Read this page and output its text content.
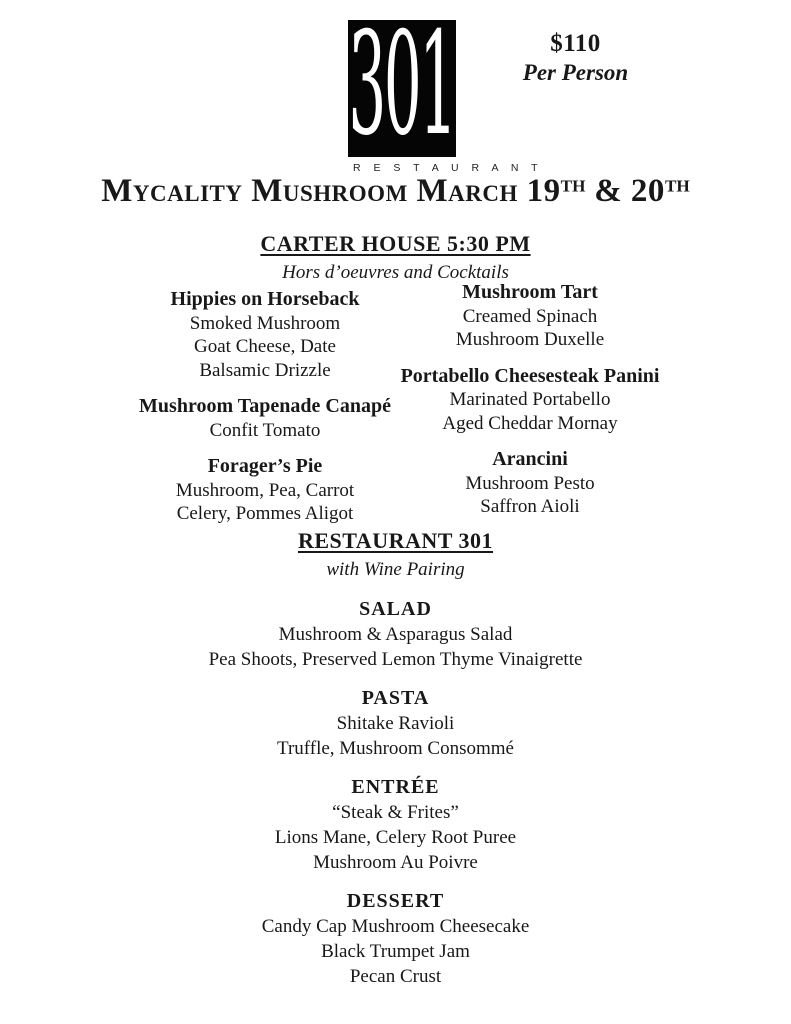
301
R E S T A U R A N T
$110
Per Person
Mycality Mushroom March 19TH & 20TH
CARTER HOUSE 5:30 PM
Hors d’oeuvres and Cocktails
Hippies on Horseback
Smoked Mushroom
Goat Cheese, Date
Balsamic Drizzle
Mushroom Tapenade Canapé
Confit Tomato
Forager’s Pie
Mushroom, Pea, Carrot
Celery, Pommes Aligot
Mushroom Tart
Creamed Spinach
Mushroom Duxelle
Portabello Cheesesteak Panini
Marinated Portabello
Aged Cheddar Mornay
Arancini
Mushroom Pesto
Saffron Aioli
RESTAURANT 301
with Wine Pairing
SALAD
Mushroom & Asparagus Salad
Pea Shoots, Preserved Lemon Thyme Vinaigrette
PASTA
Shitake Ravioli
Truffle, Mushroom Consommé
ENTRÉE
“Steak & Frites”
Lions Mane, Celery Root Puree
Mushroom Au Poivre
DESSERT
Candy Cap Mushroom Cheesecake
Black Trumpet Jam
Pecan Crust
